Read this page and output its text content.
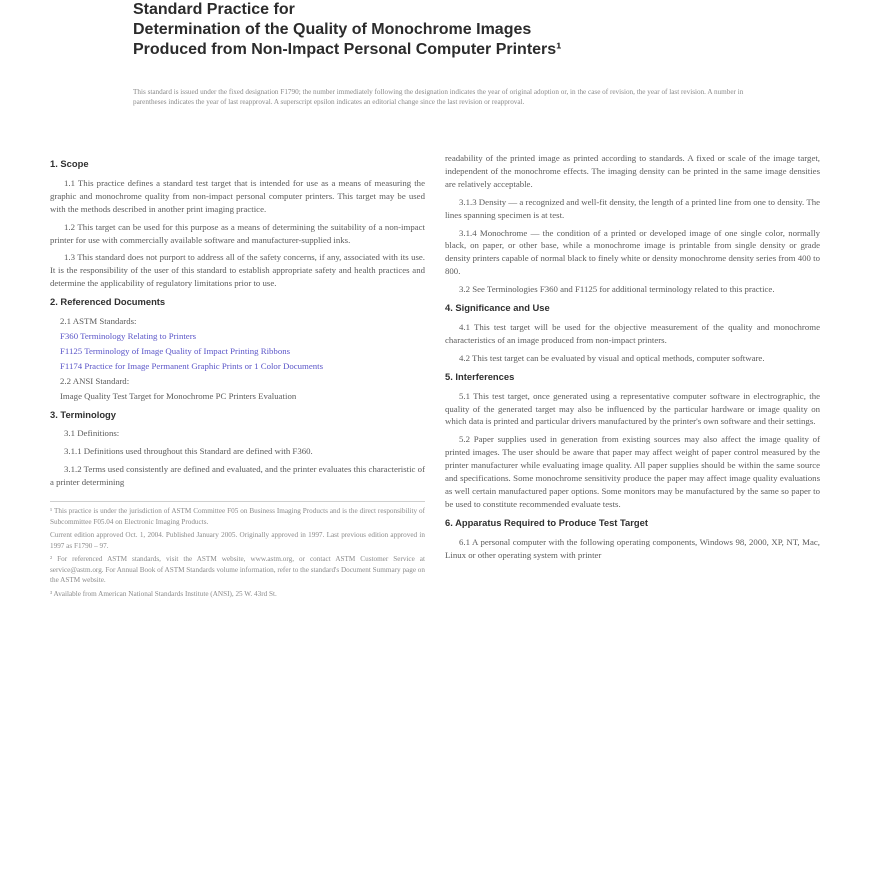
Standard Practice for
Determination of the Quality of Monochrome Images
Produced from Non-Impact Personal Computer Printers¹
This standard is issued under the fixed designation F1790; the number immediately following the designation indicates the year of original adoption or, in the case of revision, the year of last revision. A number in parentheses indicates the year of last reapproval. A superscript epsilon indicates an editorial change since the last revision or reapproval.
1. Scope
1.1 This practice defines a standard test target that is intended for use as a means of measuring the graphic and monochrome quality from non-impact personal computer printers. This target may be used with the methods described in another print imaging practice.
1.2 This target can be used for this purpose as a means of determining the suitability of a non-impact printer for use with commercially available software and manufacturer-supplied inks.
1.3 This standard does not purport to address all of the safety concerns, if any, associated with its use. It is the responsibility of the user of this standard to establish appropriate safety and health practices and determine the applicability of regulatory limitations prior to use.
2. Referenced Documents
2.1 ASTM Standards:
F360 Terminology Relating to Printers
F1125 Terminology of Image Quality of Impact Printing Ribbons
F1174 Practice for Image Permanent Graphic Prints or 1 Color Documents
2.2 ANSI Standard:
Image Quality Test Target for Monochrome PC Printers Evaluation
3. Terminology
3.1 Definitions:
3.1.1 Definitions used throughout this Standard are defined with F360.
3.1.2 Terms used consistently are defined and evaluated, and the printer evaluates this characteristic of a printer determining
¹ This practice is under the jurisdiction of ASTM Committee F05 on Business Imaging Products and is the direct responsibility of Subcommittee F05.04 on Electronic Imaging Products.
Current edition approved Oct. 1, 2004. Published January 2005. Originally approved in 1997. Last previous edition approved in 1997 as F1790 – 97.
² For referenced ASTM standards, visit the ASTM website, www.astm.org, or contact ASTM Customer Service at service@astm.org. For Annual Book of ASTM Standards volume information, refer to the standard's Document Summary page on the ASTM website.
³ Available from American National Standards Institute (ANSI), 25 W. 43rd St.
readability of the printed image as printed according to standards. A fixed or scale of the image target, independent of the monochrome effects. The imaging density can be printed in the same image densities are relatively acceptable.
3.1.3 Density — a recognized and well-fit density, the length of a printed line from one to density. The lines spanning specimen is at test.
3.1.4 Monochrome — the condition of a printed or developed image of one single color, normally black, on paper, or other base, while a monochrome image is printable from single density or grade density printers capable of normal black to finely white or density monochrome density series from 400 to 800.
3.2 See Terminologies F360 and F1125 for additional terminology related to this practice.
4. Significance and Use
4.1 This test target will be used for the objective measurement of the quality and monochrome characteristics of an image produced from non-impact printers.
4.2 This test target can be evaluated by visual and optical methods, computer software.
5. Interferences
5.1 This test target, once generated using a representative computer software in electrographic, the quality of the generated target may also be influenced by the particular hardware or image quality on which data is printed and particular drivers manufactured by the printer's own software and their settings.
5.2 Paper supplies used in generation from existing sources may also affect the image quality of printed images. The user should be aware that paper may affect weight of paper control measured by the printer manufacturer while evaluating image quality. All paper supplies should be within the same source and specifications. Some monochrome sensitivity produce the paper may affect image quality evaluations as well certain manufactured paper options. Some monitors may be manufactured by the same so paper to be used to constitute recommended evaluate tests.
6. Apparatus Required to Produce Test Target
6.1 A personal computer with the following operating components, Windows 98, 2000, XP, NT, Mac, Linux or other operating system with printer
